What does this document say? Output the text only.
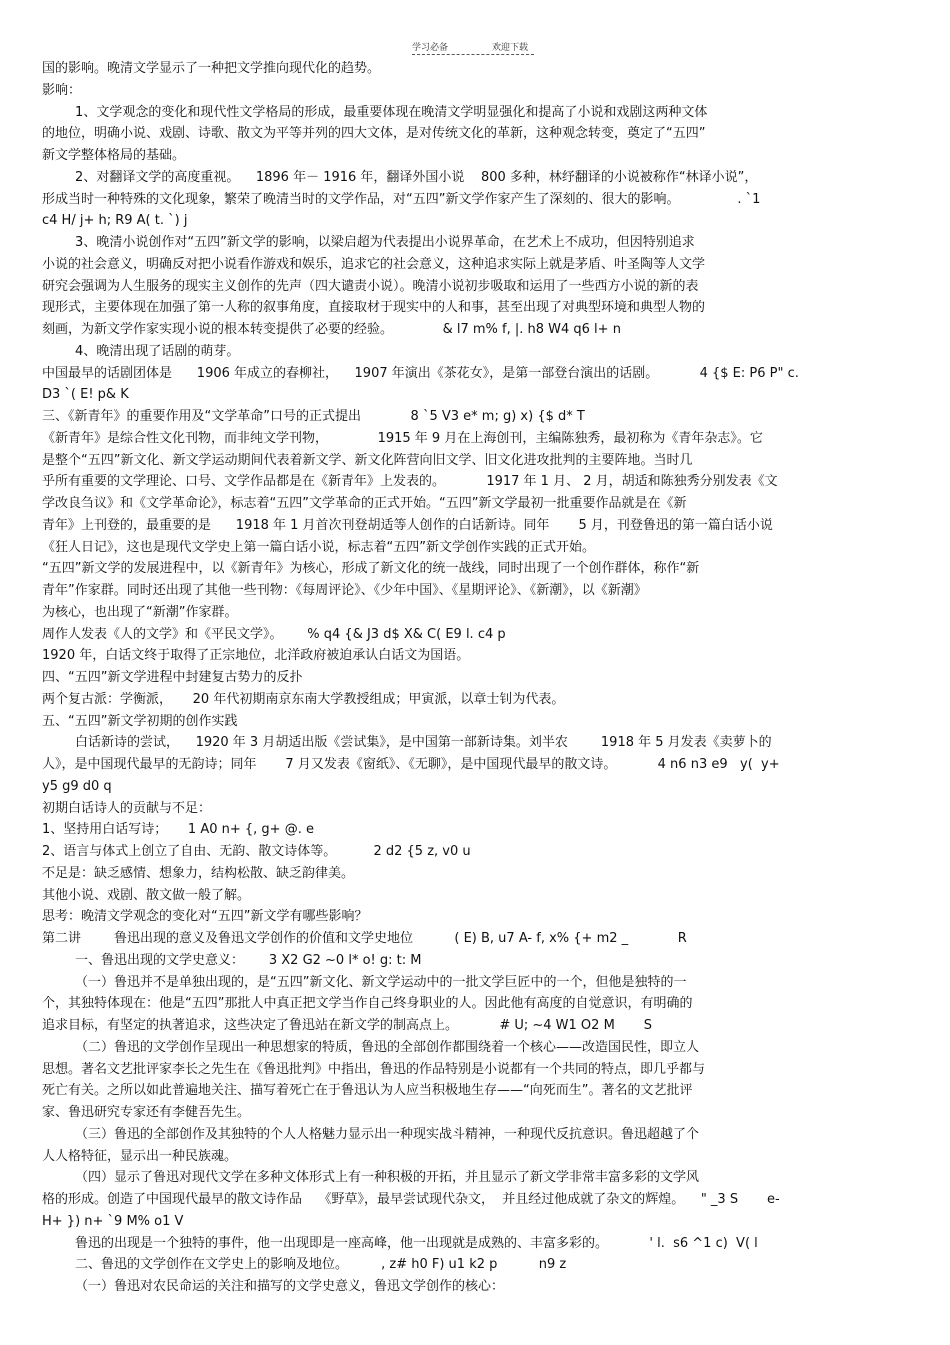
学习必备	欢迎下载
国的影响。晚清文学显示了一种把文学推向现代化的趋势。
影响：
1、文学观念的变化和现代性文学格局的形成，最重要体现在晚清文学明显强化和提高了小说和戏剧这两种文体
的地位，明确小说、戏剧、诗歌、散文为平等并列的四大文体，是对传统文化的革新，这种观念转变，奠定了“五四”
新文学整体格局的基础。
2、对翻译文学的高度重视。    1896 年－ 1916 年，翻译外国小说    800 多种，林纾翻译的小说被称作“林译小说”，
形成当时一种特殊的文化现象，繁荣了晚清当时的文学作品，对“五四”新文学作家产生了深刻的、很大的影响。              . `1
c4 H/ j+ h; R9 A( t. `) j
3、晚清小说创作对“五四”新文学的影响，以梁启超为代表提出小说界革命，在艺术上不成功，但因特别追求
小说的社会意义，明确反对把小说看作游戏和娱乐，追求它的社会意义，这种追求实际上就是茅盾、叶圣陶等人文学
研究会强调为人生服务的现实主义创作的先声（四大谴责小说）。晚清小说初步吸取和运用了一些西方小说的新的表
现形式，主要体现在加强了第一人称的叙事角度，直接取材于现实中的人和事，甚至出现了对典型环境和典型人物的
刻画，为新文学作家实现小说的根本转变提供了必要的经验。            & l7 m% f, |. h8 W4 q6 l+ n
4、晚清出现了话剧的萌芽。
中国最早的话剧团体是      1906 年成立的春柳社，    1907 年演出《茶花女》，是第一部登台演出的话剧。          4 {$ E: P6 P" c.
D3 `( E! p& K
三、《新青年》的重要作用及“文学革命”口号的正式提出            8 `5 V3 e* m; g) x) {$ d* T
《新青年》是综合性文化刊物，而非纯文学刊物，            1915 年 9 月在上海创刊，主编陈独秀，最初称为《青年杂志》。它
是整个“五四”新文化、新文学运动期间代表着新文学、新文化阵营向旧文学、旧文化进攻批判的主要阵地。当时几
乎所有重要的文学理论、口号、文学作品都是在《新青年》上发表的。          1917 年 1 月、 2 月，胡适和陈独秀分别发表《文
学改良刍议》和《文学革命论》，标志着“五四”文学革命的正式开始。“五四”新文学最初一批重要作品就是在《新
青年》上刊登的，最重要的是      1918 年 1 月首次刊登胡适等人创作的白话新诗。同年       5 月，刊登鲁迅的第一篇白话小说
《狂人日记》，这也是现代文学史上第一篇白话小说，标志着“五四”新文学创作实践的正式开始。
“五四”新文学的发展进程中，以《新青年》为核心，形成了新文化的统一战线，同时出现了一个创作群体，称作“新
青年”作家群。同时还出现了其他一些刊物：《每周评论》、《少年中国》、《星期评论》、《新潮》，以《新潮》
为核心，也出现了“新潮”作家群。
周作人发表《人的文学》和《平民文学》。      % q4 {& J3 d$ X& C( E9 l. c4 p
1920 年，白话文终于取得了正宗地位，北洋政府被迫承认白话文为国语。
四、“五四”新文学进程中封建复古势力的反扑
两个复古派：学衡派，     20 年代初期南京东南大学教授组成；甲寅派，以章士钊为代表。
五、“五四”新文学初期的创作实践
白话新诗的尝试，    1920 年 3 月胡适出版《尝试集》，是中国第一部新诗集。刘半农        1918 年 5 月发表《卖萝卜的
人》，是中国现代最早的无韵诗；同年       7 月又发表《窗纸》、《无聊》，是中国现代最早的散文诗。          4 n6 n3 e9   y(  y+
y5 g9 d0 q
初期白话诗人的贡献与不足：
1、坚持用白话写诗；     1 A0 n+ {, g+ @. e
2、语言与体式上创立了自由、无韵、散文诗体等。         2 d2 {5 z, v0 u
不足是：缺乏感情、想象力，结构松散、缺乏韵律美。
其他小说、戏剧、散文做一般了解。
思考：晚清文学观念的变化对“五四”新文学有哪些影响？
第二讲        鲁迅出现的意义及鲁迅文学创作的价值和文学史地位          ( E) B, u7 A- f, x% {+ m2 _            R
一、鲁迅出现的文学史意义：      3 X2 G2 ~0 l* o! g: t: M
（一）鲁迅并不是单独出现的，是“五四”新文化、新文学运动中的一批文学巨匠中的一个，但他是独特的一
个，其独特体现在：他是“五四”那批人中真正把文学当作自己终身职业的人。因此他有高度的自觉意识，有明确的
追求目标，有坚定的执著追求，这些决定了鲁迅站在新文学的制高点上。          # U; ~4 W1 O2 M       S
（二）鲁迅的文学创作呈现出一种思想家的特质，鲁迅的全部创作都围绕着一个核心——改造国民性，即立人
思想。著名文艺批评家李长之先生在《鲁迅批判》中指出，鲁迅的作品特别是小说都有一个共同的特点，即几乎都与
死亡有关。之所以如此普遍地关注、描写着死亡在于鲁迅认为人应当积极地生存——“向死而生”。著名的文艺批评
家、鲁迅研究专家还有李健吾先生。
（三）鲁迅的全部创作及其独特的个人人格魅力显示出一种现实战斗精神，一种现代反抗意识。鲁迅超越了个
人人格特征，显示出一种民族魂。
（四）显示了鲁迅对现代文学在多种文体形式上有一种积极的开拓，并且显示了新文学非常丰富多彩的文学风
格的形成。创造了中国现代最早的散文诗作品    《野草》，最早尝试现代杂文，  并且经过他成就了杂文的辉煌。    " _3 S       e-
H+ }) n+ `9 M% o1 V
鲁迅的出现是一个独特的事件，他一出现即是一座高峰，他一出现就是成熟的、丰富多彩的。          ' l.  s6 ^1 c)  V( l
二、鲁迅的文学创作在文学史上的影响及地位。        , z# h0 F) u1 k2 p          n9 z
（一）鲁迅对农民命运的关注和描写的文学史意义，鲁迅文学创作的核心：
